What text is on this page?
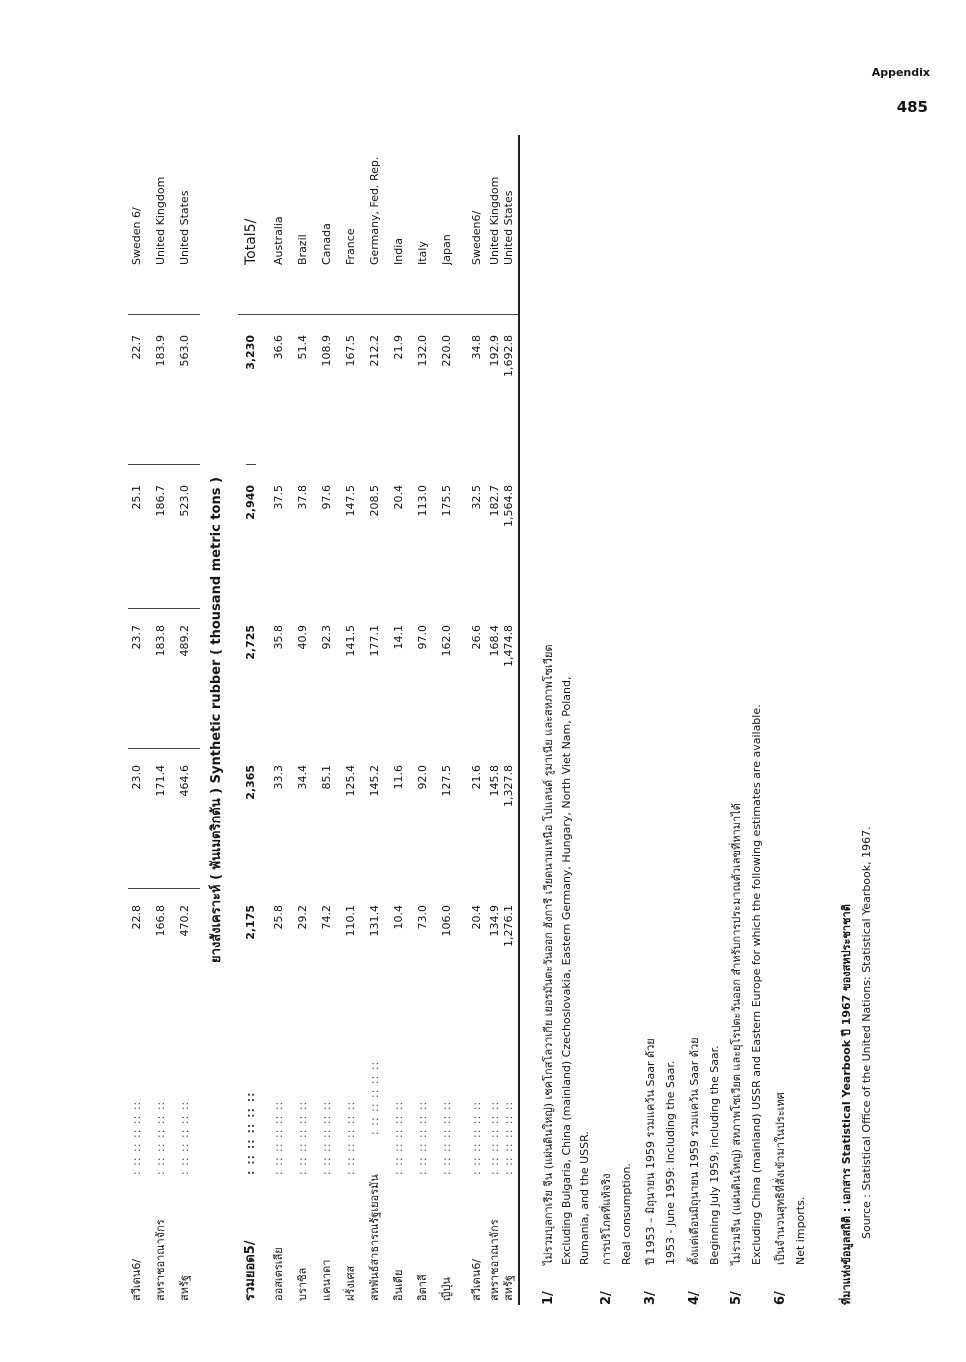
Appendix
485
สวีเดน6/
: :: :: :: :: ::
22.8
23.0
23.7
25.1
22.7
Sweden 6/
สหราชอาณาจักร
: :: :: :: :: ::
166.8
171.4
183.8
186.7
183.9
United Kingdom
สหรัฐ
: :: :: :: :: ::
470.2
464.6
489.2
523.0
563.0
United States
ยางสังเคราะห์ ( พันเมตริกตัน ) Synthetic rubber ( thousand metric tons )
รวมยอด5/
: :: :: :: :: ::
2,175
2,365
2,725
2,940
3,230
Total5/
ออสเตรเลีย
: :: :: :: :: ::
25.8
33.3
35.8
37.5
36.6
Australia
บราซิล
: :: :: :: :: ::
29.2
34.4
40.9
37.8
51.4
Brazil
แคนาดา
: :: :: :: :: ::
74.2
85.1
92.3
97.6
108.9
Canada
ฝรั่งเศส
: :: :: :: :: ::
110.1
125.4
141.5
147.5
167.5
France
สหพันธ์สาธารณรัฐเยอรมัน
: :: :: :: :: ::
131.4
145.2
177.1
208.5
212.2
Germany, Fed. Rep.
อินเดีย
: :: :: :: :: ::
10.4
11.6
14.1
20.4
21.9
India
อิตาลี
: :: :: :: :: ::
73.0
92.0
97.0
113.0
132.0
Italy
ญี่ปุ่น
: :: :: :: :: ::
106.0
127.5
162.0
175.5
220.0
Japan
สวีเดน6/
: :: :: :: :: ::
20.4
21.6
26.6
32.5
34.8
Sweden6/
สหราชอาณาจักร
: :: :: :: :: ::
134.9
145.8
168.4
182.7
192.9
United Kingdom
สหรัฐ
: :: :: :: :: ::
1,276.1
1,327.8
1,474.8
1,564.8
1,692.8
United States
1/
ไม่รวมบุลกาเรีย จีน (แผ่นดินใหญ่) เชคโกสโลวาเกีย เยอรมันตะวันออก ฮังการี เวียดนามเหนือ โปแลนด์ รูมาเนีย และสหภาพโซเวียต Excluding Bulgaria, China (mainland) Czechoslovakia, Eastern Germany, Hungary, North Viet Nam, Poland, Rumania, and the USSR.
2/
การบริโภคที่แท้จริง Real consumption.
3/
ปี 1953 – มิถุนายน 1959 รวมแคว้น Saar ด้วย 1953 - June 1959: Including the Saar.
4/
ตั้งแต่เดือนมิถุนายน 1959 รวมแคว้น Saar ด้วย Beginning July 1959, including the Saar.
5/
ไม่รวมจีน (แผ่นดินใหญ่) สหภาพโซเวียต และยุโรปตะวันออก สำหรับการประมาณตัวเลขที่หามาได้ Excluding China (mainland) USSR and Eastern Europe for which the following estimates are available.
6/
เป็นจำนวนสุทธิที่สั่งเข้ามาในประเทศ Net imports.	ที่มาแห่งข้อมูลสถิติ : เอกสาร Statistical Yearbook ปี 1967 ของสหประชาชาติ Source : Statistical Office of the United Nations: Statistical Yearbook, 1967.
